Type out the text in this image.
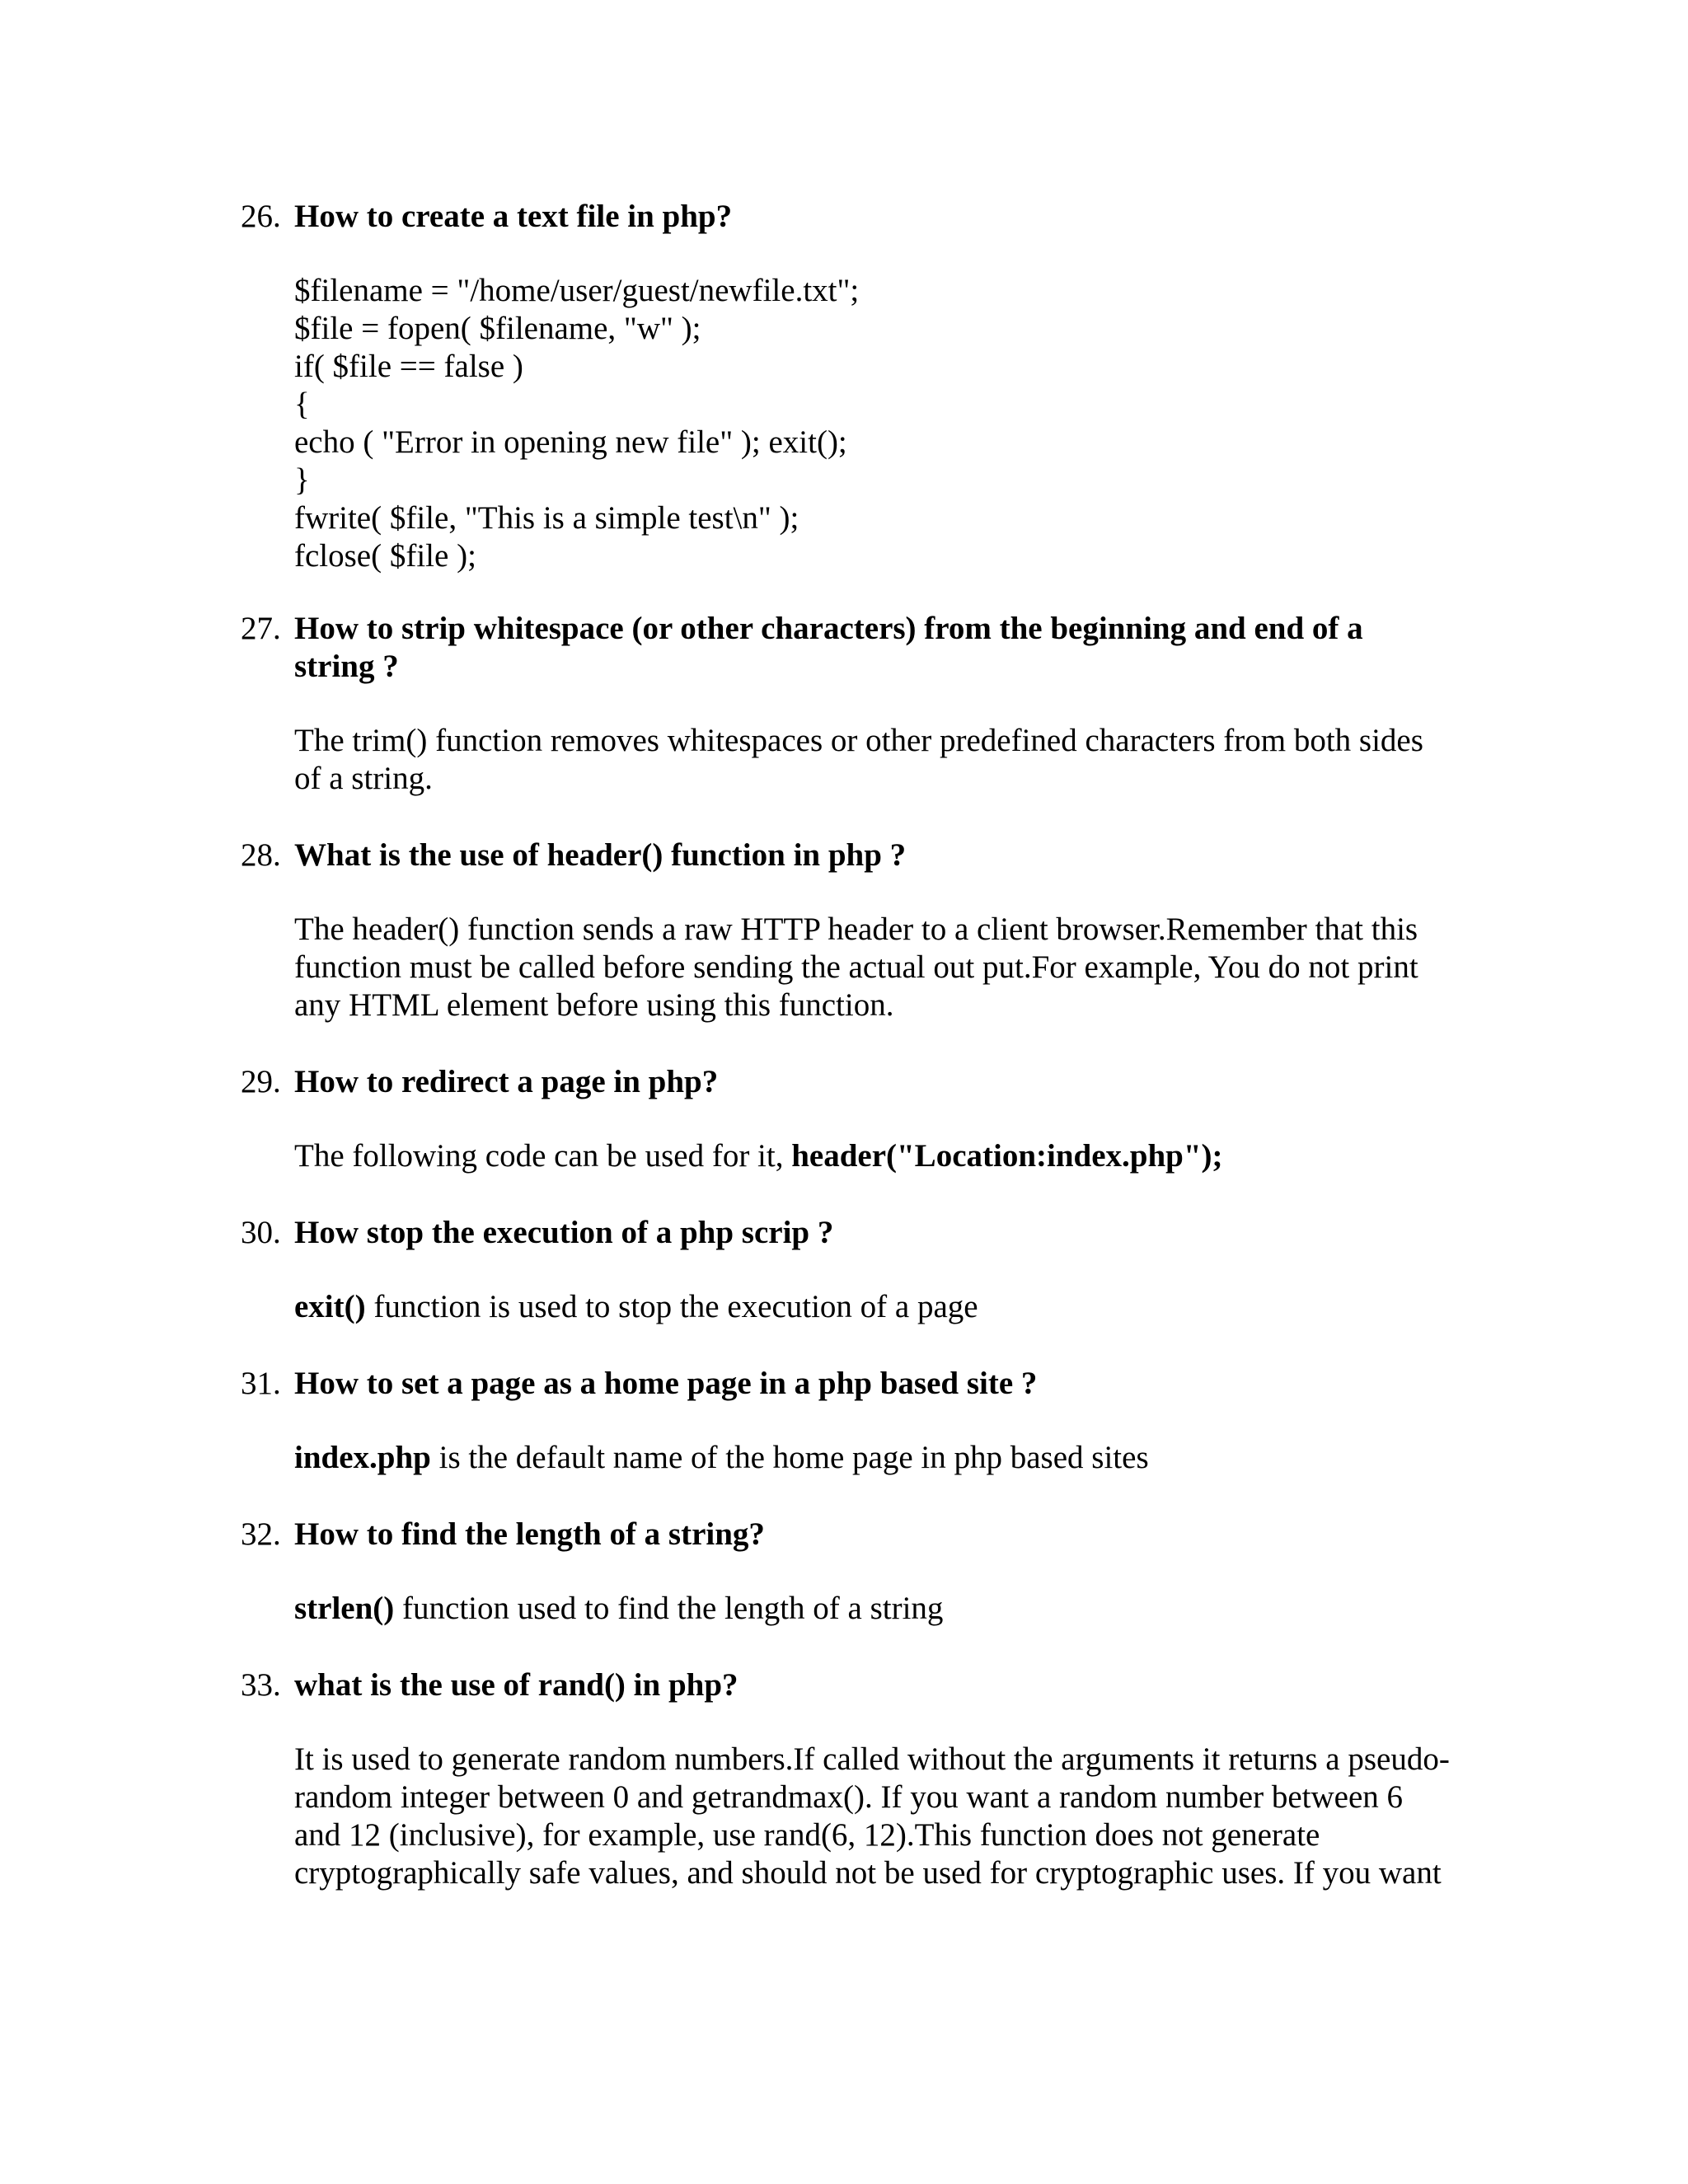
26. How to create a text file in php?
$filename = "/home/user/guest/newfile.txt";
$file = fopen( $filename, "w" );
if( $file == false )
{
echo ( "Error in opening new file" ); exit();
}
fwrite( $file, "This is a simple test\n" );
fclose( $file );
27. How to strip whitespace (or other characters) from the beginning and end of a
string ?
The trim() function removes whitespaces or other predefined characters from both sides
of a string.
28. What is the use of header() function in php ?
The header() function sends a raw HTTP header to a client browser.Remember that this
function must be called before sending the actual out put.For example, You do not print
any HTML element before using this function.
29. How to redirect a page in php?
The following code can be used for it, header("Location:index.php");
30. How stop the execution of a php scrip ?
exit() function is used to stop the execution of a page
31. How to set a page as a home page in a php based site ?
index.php is the default name of the home page in php based sites
32. How to find the length of a string?
strlen() function used to find the length of a string
33. what is the use of rand() in php?
It is used to generate random numbers.If called without the arguments it returns a pseudo-
random integer between 0 and getrandmax(). If you want a random number between 6
and 12 (inclusive), for example, use rand(6, 12).This function does not generate
cryptographically safe values, and should not be used for cryptographic uses. If you want
